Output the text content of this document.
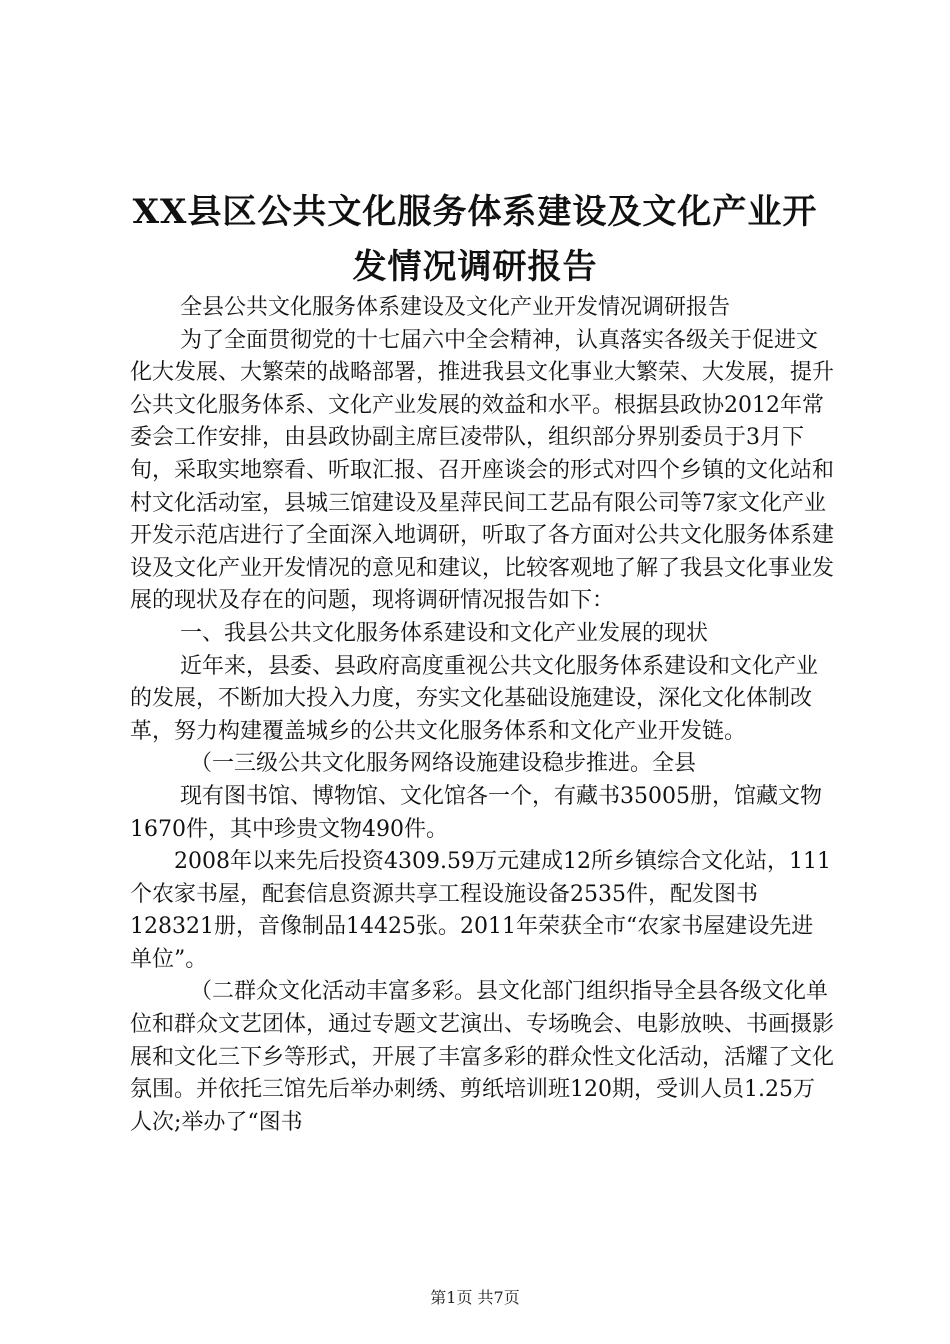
XX县区公共文化服务体系建设及文化产业开
发情况调研报告

全县公共文化服务体系建设及文化产业开发情况调研报告

为了全面贯彻党的十七届六中全会精神，认真落实各级关于促进文化大发展、大繁荣的战略部署，推进我县文化事业大繁荣、大发展，提升公共文化服务体系、文化产业发展的效益和水平。根据县政协2012年常委会工作安排，由县政协副主席巨凌带队，组织部分界别委员于3月下旬，采取实地察看、听取汇报、召开座谈会的形式对四个乡镇的文化站和村文化活动室，县城三馆建设及星萍民间工艺品有限公司等7家文化产业开发示范店进行了全面深入地调研，听取了各方面对公共文化服务体系建设及文化产业开发情况的意见和建议，比较客观地了解了我县文化事业发展的现状及存在的问题，现将调研情况报告如下：

一、我县公共文化服务体系建设和文化产业发展的现状

近年来，县委、县政府高度重视公共文化服务体系建设和文化产业的发展，不断加大投入力度，夯实文化基础设施建设，深化文化体制改革，努力构建覆盖城乡的公共文化服务体系和文化产业开发链。

（一三级公共文化服务网络设施建设稳步推进。全县

现有图书馆、博物馆、文化馆各一个，有藏书35005册，馆藏文物1670件，其中珍贵文物490件。

2008年以来先后投资4309.59万元建成12所乡镇综合文化站，111个农家书屋，配套信息资源共享工程设施设备2535件，配发图书128321册，音像制品14425张。2011年荣获全市“农家书屋建设先进单位”。

（二群众文化活动丰富多彩。县文化部门组织指导全县各级文化单位和群众文艺团体，通过专题文艺演出、专场晚会、电影放映、书画摄影展和文化三下乡等形式，开展了丰富多彩的群众性文化活动，活耀了文化氛围。并依托三馆先后举办刺绣、剪纸培训班120期，受训人员1.25万人次;举办了“图书

第1页 共7页
